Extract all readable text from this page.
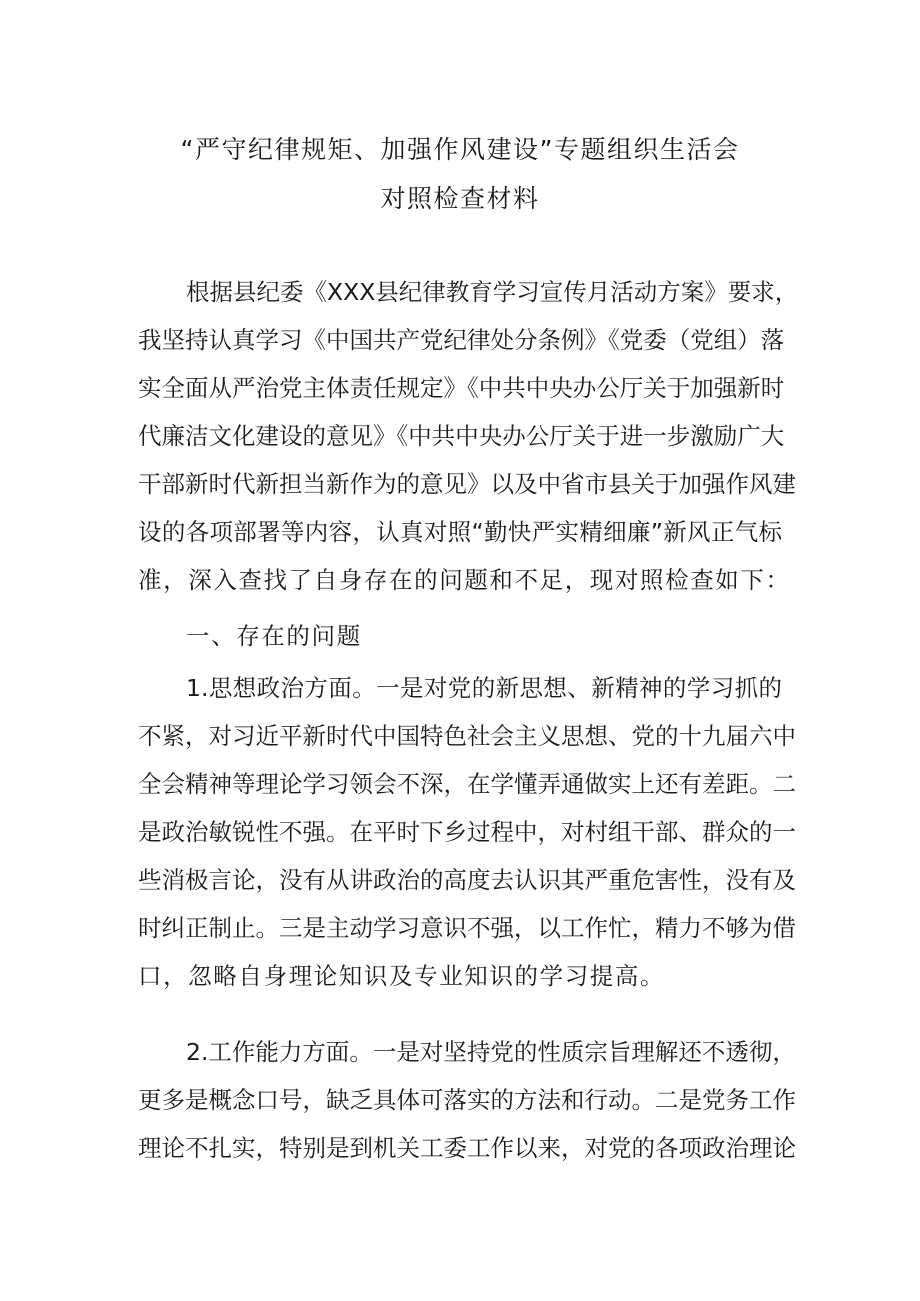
“严守纪律规矩、加强作风建设”专题组织生活会
对照检查材料
根据县纪委《XXX县纪律教育学习宣传月活动方案》要求，
我坚持认真学习《中国共产党纪律处分条例》《党委（党组）落
实全面从严治党主体责任规定》《中共中央办公厅关于加强新时
代廉洁文化建设的意见》《中共中央办公厅关于进一步激励广大
干部新时代新担当新作为的意见》以及中省市县关于加强作风建
设的各项部署等内容，认真对照“勤快严实精细廉”新风正气标
准，深入查找了自身存在的问题和不足，现对照检查如下：
一、存在的问题
1.思想政治方面。一是对党的新思想、新精神的学习抓的
不紧，对习近平新时代中国特色社会主义思想、党的十九届六中
全会精神等理论学习领会不深，在学懂弄通做实上还有差距。二
是政治敏锐性不强。在平时下乡过程中，对村组干部、群众的一
些消极言论，没有从讲政治的高度去认识其严重危害性，没有及
时纠正制止。三是主动学习意识不强，以工作忙，精力不够为借
口，忽略自身理论知识及专业知识的学习提高。
2.工作能力方面。一是对坚持党的性质宗旨理解还不透彻，
更多是概念口号，缺乏具体可落实的方法和行动。二是党务工作
理论不扎实，特别是到机关工委工作以来，对党的各项政治理论
